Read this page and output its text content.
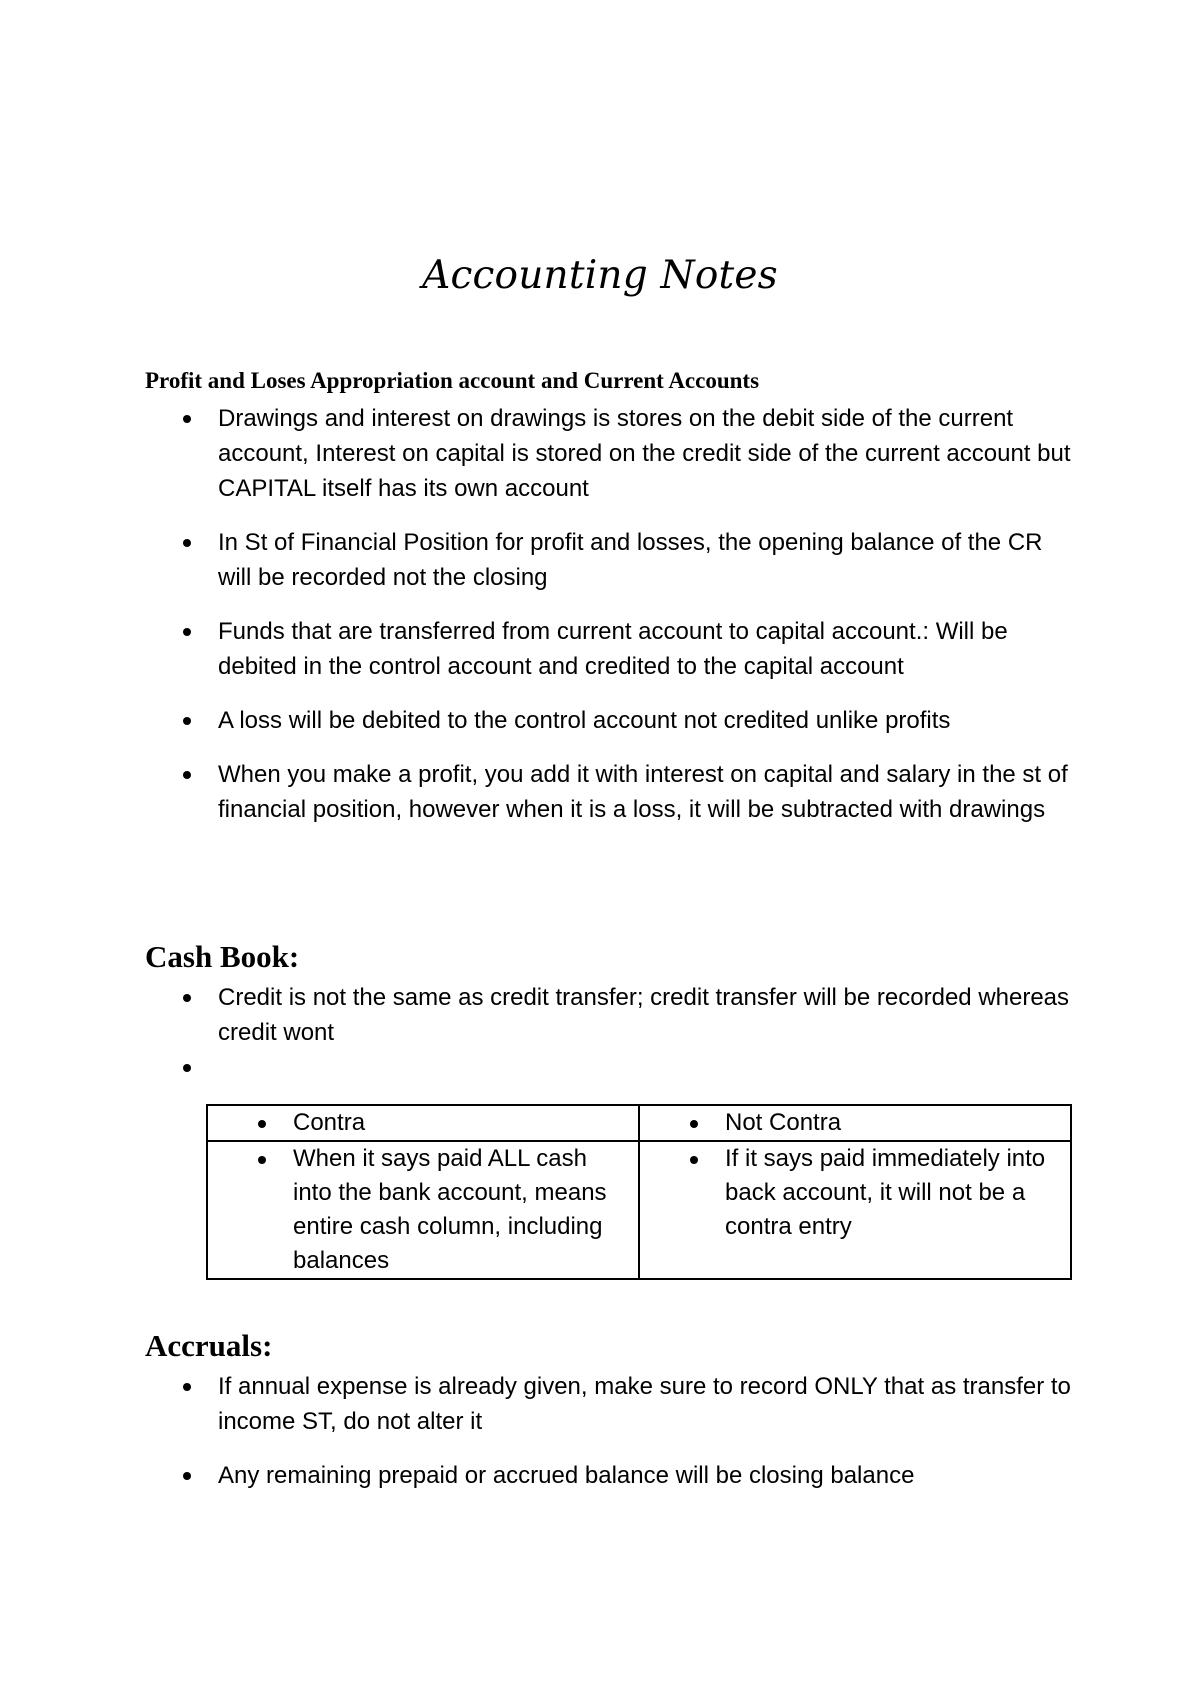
Accounting Notes
Profit and Loses Appropriation account and Current Accounts
Drawings and interest on drawings is stores on the debit side of the current account, Interest on capital is stored on the credit side of the current account but CAPITAL itself has its own account
In St of Financial Position for profit and losses, the opening balance of the CR will be recorded not the closing
Funds that are transferred from current account to capital account.: Will be debited in the control account and credited to the capital account
A loss will be debited to the control account not credited unlike profits
When you make a profit, you add it with interest on capital and salary in the st of financial position, however when it is a loss, it will be subtracted with drawings
Cash Book:
Credit is not the same as credit transfer; credit transfer will be recorded whereas credit wont
Contra	Not Contra

When it says paid ALL cash into the bank account, means entire cash column, including balances	If it says paid immediately into back account, it will not be a contra entry
Accruals:
If annual expense is already given, make sure to record ONLY that as transfer to income ST, do not alter it
Any remaining prepaid or accrued balance will be closing balance
